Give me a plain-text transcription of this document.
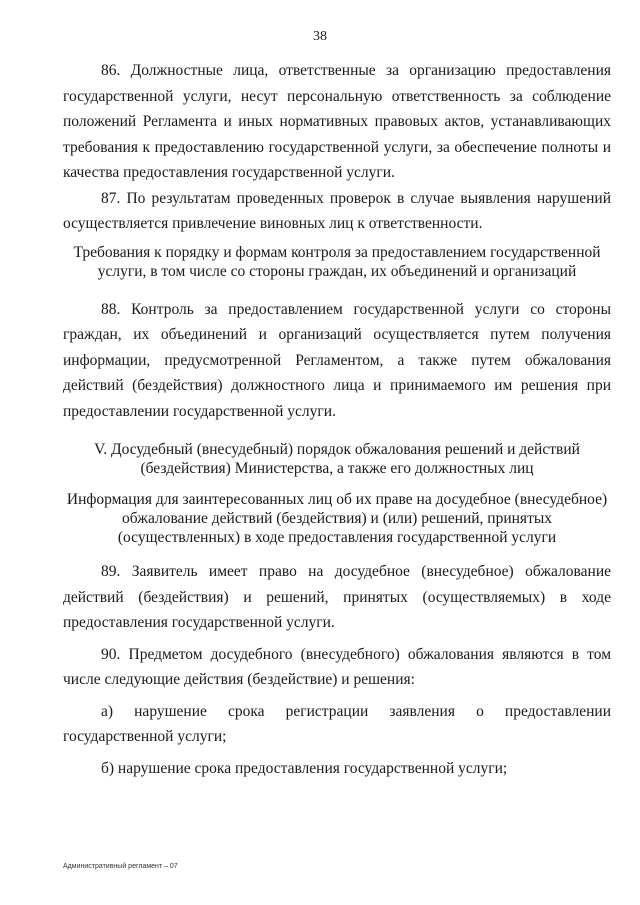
38

86. Должностные лица, ответственные за организацию предоставления государственной услуги, несут персональную ответственность за соблюдение положений Регламента и иных нормативных правовых актов, устанавливающих требования к предоставлению государственной услуги, за обеспечение полноты и качества предоставления государственной услуги.

87. По результатам проведенных проверок в случае выявления нарушений осуществляется привлечение виновных лиц к ответственности.

Требования к порядку и формам контроля за предоставлением государственной услуги, в том числе со стороны граждан, их объединений и организаций

88. Контроль за предоставлением государственной услуги со стороны граждан, их объединений и организаций осуществляется путем получения информации, предусмотренной Регламентом, а также путем обжалования действий (бездействия) должностного лица и принимаемого им решения при предоставлении государственной услуги.

V. Досудебный (внесудебный) порядок обжалования решений и действий (бездействия) Министерства, а также его должностных лиц

Информация для заинтересованных лиц об их праве на досудебное (внесудебное) обжалование действий (бездействия) и (или) решений, принятых (осуществленных) в ходе предоставления государственной услуги

89. Заявитель имеет право на досудебное (внесудебное) обжалование действий (бездействия) и решений, принятых (осуществляемых) в ходе предоставления государственной услуги.

90. Предметом досудебного (внесудебного) обжалования являются в том числе следующие действия (бездействие) и решения:

а) нарушение срока регистрации заявления о предоставлении государственной услуги;

б) нарушение срока предоставления государственной услуги;

Административный регламент – 07
